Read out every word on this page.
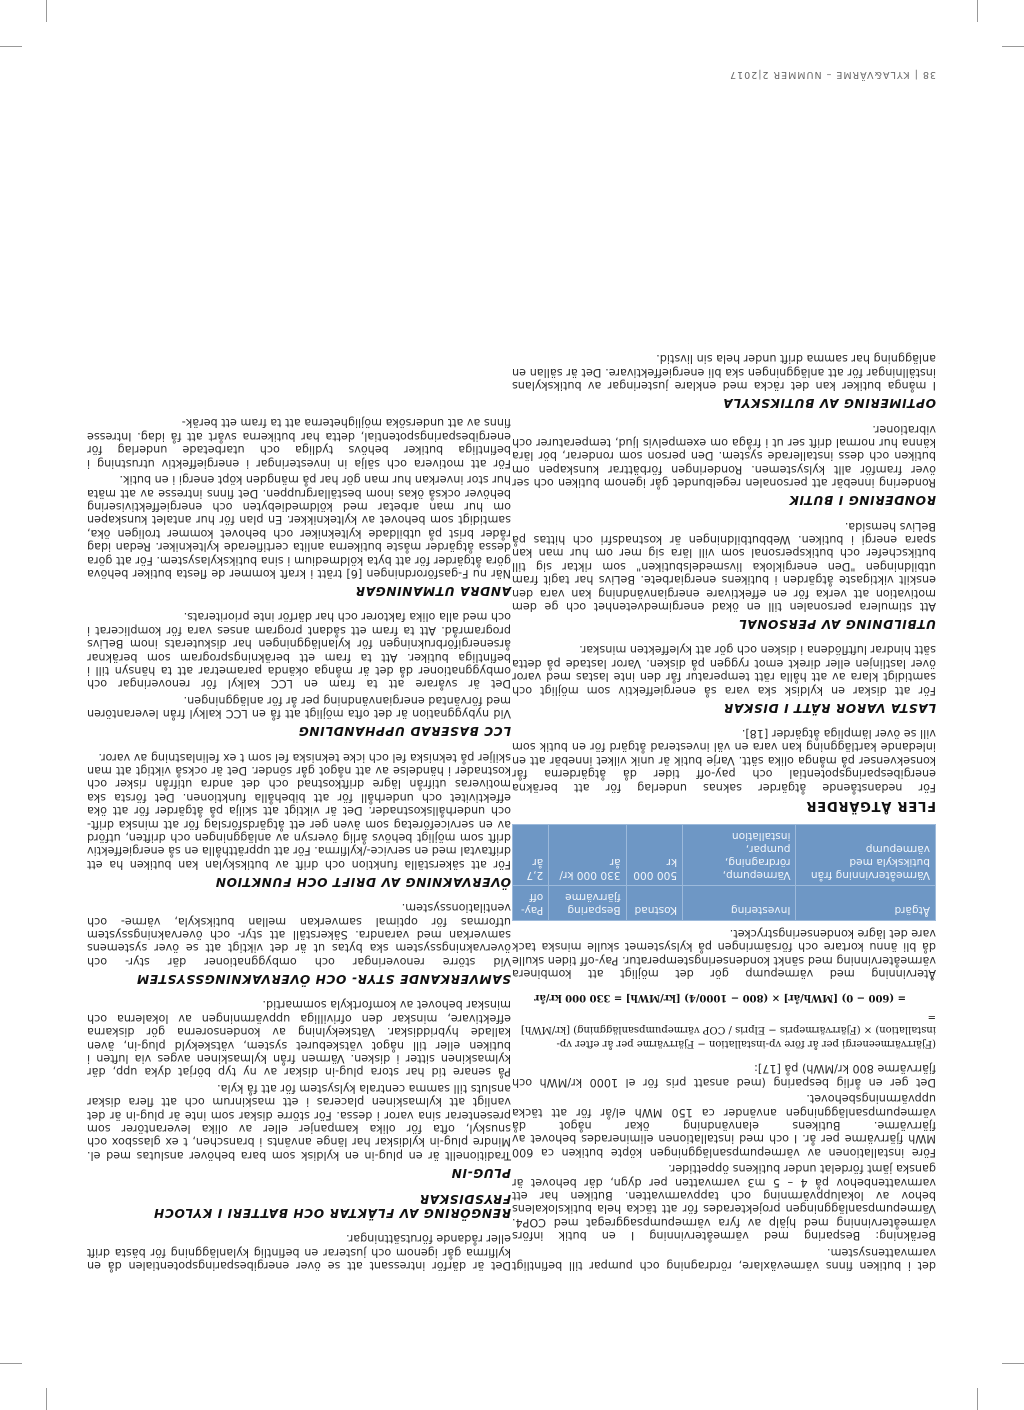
det i butiken finns värmeväxlare, rördragning och pumpar till befintligt varmvattensystem.

Beräkning: Besparing med värmeåtervinning I en butik införs värmeåtervinning med hjälp av fyra värmepumpsaggregat med COP4. Värmepumpsanläggningen projekterades för att täcka hela butikslokalens behov av lokaluppvärmning och tappvarmvatten. Butiken har ett varmvattenbehov på 4 – 5 m3 varmvatten per dygn, där behovet är ganska jämt fördelat under butikens öppettider.

Före installationen av värmepumpsanläggningen köpte butiken ca 600 MWh fjärrvärme per år. I och med installationen eliminerades behovet av fjärrvärme. Butikens elanvändning ökar något då värmepumpsanläggningen använder ca 150 MWh el/år för att täcka uppvärmningsbehovet.

Det ger en årlig besparing (med ansatt pris för el 1000 kr/MWh och fjärrvärme 800 kr/MWh) på [17]:

(Fjärrvärmeenergi per år före vp-installation − Fjärrvärme per år efter vp-installation) × (Fjärrvärmepris − Elpris / COP värmepumpsanläggning) [kr/MWh] =
= (600 − 0) [MWh/år] × (800 − 1000/4) [kr/MWh] = 330 000 kr/år

Återvinning med värmepump gör det möjligt att kombinera värmeåtervinning med sänkt kondenseringstemperatur. Pay-off tiden skulle då bli ännu kortare och försämringen på kylsystemet skulle minska tack vare det lägre kondenseringstrycket.

Åtgärd	Investering	Kostnad	Besparing fjärrvärme	Pay-off
Värmeåtervinning från butikskyla med värmepump	Värmepump, rördragning, pumpar, installation	500 000 kr	330 000 kr/år	2,7 år
FLER ÅTGÄRDER

För nedanstående åtgärder saknas underlag för att beräkna energibesparingspotential och pay-off tider då åtgärderna får konsekvenser på många olika sätt. Varje butik är unik vilket innebär att en inledande kartläggning kan vara en väl investerad åtgärd för en butik som vill se över lämpliga åtgärder [18].

LASTA VAROR RÄTT I DISKAR

För att diskar en kyldisk ska vara så energieffektiv som möjligt och samtidigt klara av att hålla rätt temperatur får den inte lastas med varor över lastlinjen eller direkt emot ryggen på disken. Varor lastade på detta sätt hindrar luftflödena i disken och gör att kyleffekten minskar.

UTBILDNING AV PERSONAL

Att stimulera personalen till en ökad energimedvetenhet och ge dem motivation att verka för en effektivare energianvändning kan vara den enskilt viktigaste åtgärden i butikens energiarbete. BeLivs har tagit fram utbildningen "Den energikloka livsmedelsbutiken" som riktar sig till butikschefer och butikspersonal som vill lära sig mer om hur man kan spara energi i butiken. Webbutbildningen är kostnadsfri och hittas på BeLivs hemsida.

RONDERING I BUTIK

Rondering innebär att personalen regelbundet går igenom butiken och ser över framför allt kylsystemen. Ronderingen förbättrar kunskapen om butiken och dess installerade system. Den person som ronderar, bör lära känna hur normal drift ser ut i fråga om exempelvis ljud, temperaturer och vibrationer.

OPTIMERING AV BUTIKSKYLA

I många butiker kan det räcka med enklare justeringar av butikskylans inställningar för att anläggningen ska bli energieffektivare. Det är sällan en anläggning har samma drift under hela sin livstid.

Det är därför intressant att se över energibesparingspotentialen då en kylfirma går igenom och justerar en befintlig kylanläggning för bästa drift eller rådande förutsättningar.

RENGÖRING AV FLÄKTAR OCH BATTERI I KYLOCH FRYSDISKAR
PLUG-IN

Traditionellt är en plug-in en kyldisk som bara behöver anslutas med el. Mindre plug-in kyldiskar har länge använts i branschen, t ex glassbox och snuskyl, ofta för olika kampanjer eller av olika leverantörer som presenterar sina varor i dessa. För större diskar som inte är plug-in är det vanligt att kylmaskinen placeras i ett maskinrum och att flera diskar ansluts till samma centrala kylsystem för att få kyla.

På senare tid har stora plug-in diskar av ny typ börjat dyka upp, där kylmaskinen sitter i disken. Värmen från kylmaskinen avges via luften i butiken eller till något vätskeburet system, vätskekyld plug-in, även kallade hybriddiskar. Vätskekylning av kondensorerna gör diskarna effektivare, minskar den ofrivilliga uppvärmningen av lokalerna och minskar behovet av komfortkyla sommartid.

SAMVERKANDE STYR- OCH ÖVERVAKNINGSSYSTEM

Vid större renoveringar och ombyggnationer där styr- och övervakningssystem ska bytas ut är det viktigt att se över systemens samverkan med varandra. Säkerställ att styr- och övervakningssystem utformas för optimal samverkan mellan butikskyla, värme- och ventilationssystem.

ÖVERVAKNING AV DRIFT OCH FUNKTION

För att säkerställa funktion och drift av butikskylan kan butiken ha ett driftavtal med en service-/kylfirma. För att upprätthålla en så energieffektiv drift som möjligt behövs årlig översyn av anläggningen och driften, utförd av en serviceföretag som även ger ett åtgärdsförslag för att minska drift- och underhållskostnader. Det är viktigt att skilja på åtgärder för att öka effektivitet och underhåll för att bibehålla funktionen. Det första ska motiveras utifrån lägre driftkostnad och det andra utifrån risker och kostnader i händelse av att något går sönder. Det är också viktigt att man skiljer på tekniska fel och icke tekniska fel som t ex felinlastning av varor.

LCC BASERAD UPPHANDLING

Vid nybyggnation är det ofta möjligt att få en LCC kalkyl från leverantören med förväntad energianvändning per år för anläggningen.

Det är svårare att ta fram en LCC kalkyl för renoveringar och ombyggnationer då det är många okända parametrar att ta hänsyn till i befintliga butiker. Att ta fram ett beräkningsprogram som beräknar årsenergiförbrukningen för kylanläggningen har diskuterats inom BeLivs programråd. Att ta fram ett sådant program anses vara för komplicerat i och med alla olika faktorer och har därför inte prioriterats.

ANDRA UTMANINGAR

När nu F-gasförordningen [6] trätt i kraft kommer de flesta butiker behöva göra åtgärder för att byta köldmedium i sina butikskylasystem. För att göra dessa åtgärder måste butikerna anlita certifierade kyltekniker. Redan idag råder brist på utbildade kyltekniker och behovet kommer troligen öka, samtidigt som behovet av kylteknikker. En plan för hur antalet kunskapen om hur man arbetar med köldmediebyten och energieffektivisering behöver också ökas inom beställargruppen. Det finns intresse av att mäta hur stor inverkan hur man gör har på mängden köpt energi i en butik.

För att motivera och sälja in investeringar i energieffektiv utrustning i befintliga butiker behövs tydliga och utarbetade underlag för energibesparingspotential, detta har butikerna svårt att få idag. Intresse finns av att undersöka möjligheterna att ta fram ett beräk-

38 | KYLA&VÄRME – NUMMER 2|2017
